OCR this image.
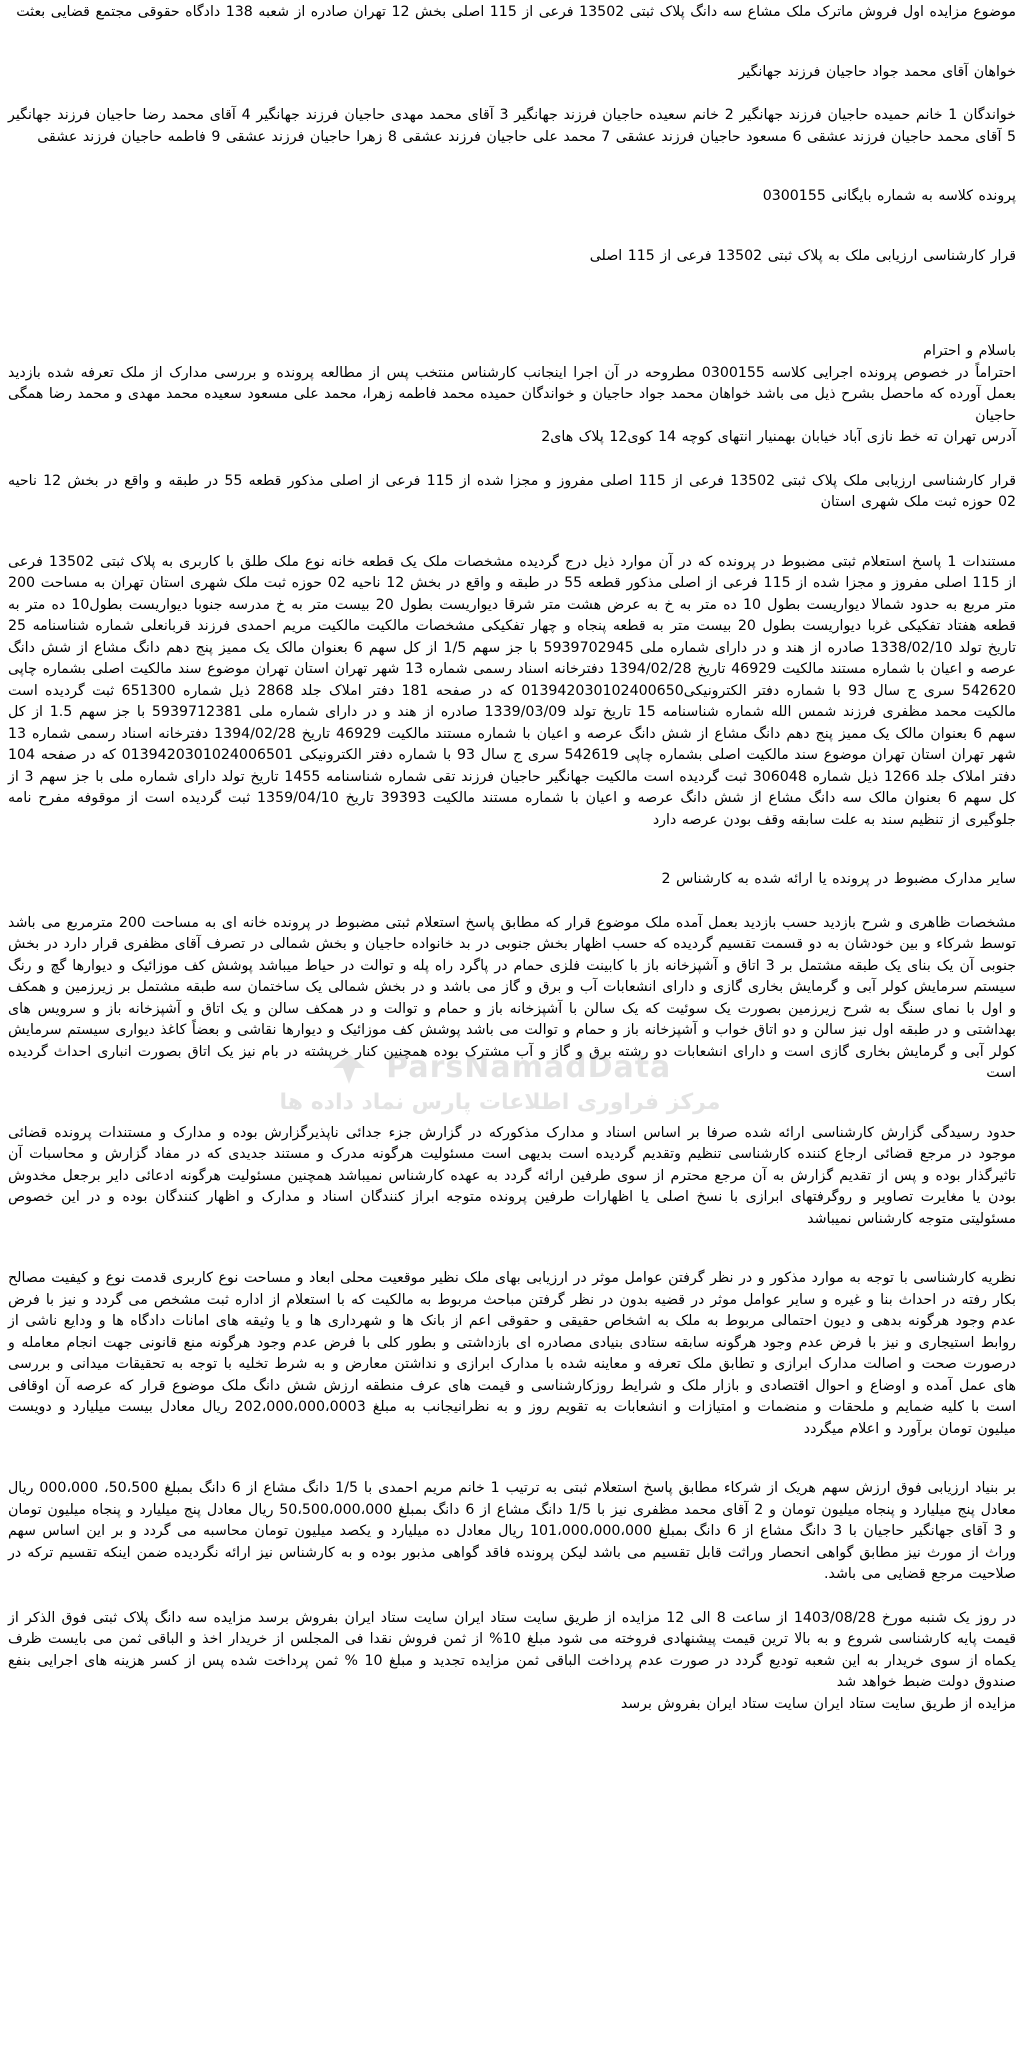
موضوع مزایده اول فروش ماترک ملک مشاع سه دانگ پلاک ثبتی 13502 فرعی از 115 اصلی بخش 12 تهران صادره از شعبه 138 دادگاه حقوقی مجتمع قضایی بعثت

خواهان آقای محمد جواد حاجیان فرزند جهانگیر

خواندگان 1 خانم حمیده حاجیان فرزند جهانگیر 2 خانم سعیده حاجیان فرزند جهانگیر 3 آقای محمد مهدی حاجیان فرزند جهانگیر 4 آقای محمد رضا حاجیان فرزند جهانگیر 5 آقای محمد حاجیان فرزند عشقی 6 مسعود حاجیان فرزند عشقی 7 محمد علی حاجیان فرزند عشقی 8 زهرا حاجیان فرزند عشقی 9 فاطمه حاجیان فرزند عشقی

پرونده کلاسه به شماره بایگانی 0300155

قرار کارشناسی ارزیابی ملک به پلاک ثبتی 13502 فرعی از 115 اصلی

باسلام و احترام

احتراماً در خصوص پرونده اجرایی کلاسه 0300155 مطروحه در آن اجرا اینجانب کارشناس منتخب پس از مطالعه پرونده و بررسی مدارک از ملک تعرفه شده بازدید بعمل آورده که ماحصل بشرح ذیل می باشد خواهان محمد جواد حاجیان و خواندگان حمیده محمد فاطمه زهرا، محمد علی مسعود سعیده محمد مهدی و محمد رضا همگی حاجیان

آدرس تهران ته خط نازی آباد خیابان بهمنیار انتهای کوچه 14 کوی12 پلاک های2

قرار کارشناسی ارزیابی ملک پلاک ثبتی 13502 فرعی از 115 اصلی مفروز و مجزا شده از 115 فرعی از اصلی مذکور قطعه 55 در طبقه و واقع در بخش 12 ناحیه 02 حوزه ثبت ملک شهری استان

مستندات 1 پاسخ استعلام ثبتی مضبوط در پرونده که در آن موارد ذیل درج گردیده مشخصات ملک یک قطعه خانه نوع ملک طلق با کاربری به پلاک ثبتی 13502 فرعی از 115 اصلی مفروز و مجزا شده از 115 فرعی از اصلی مذکور قطعه 55 در طبقه و واقع در بخش 12 ناحیه 02 حوزه ثبت ملک شهری استان تهران به مساحت 200 متر مربع به حدود شمالا دیواریست بطول 10 ده متر به خ به عرض هشت متر شرقا دیواریست بطول 20 بیست متر به خ مدرسه جنوبا دیواریست بطول10 ده متر به قطعه هفتاد تفکیکی غربا دیواریست بطول 20 بیست متر به قطعه پنجاه و چهار تفکیکی مشخصات مالکیت مالکیت مریم احمدی فرزند قربانعلی شماره شناسنامه 25 تاریخ تولد 1338/02/10 صادره از هند و در دارای شماره ملی 5939702945 با جز سهم 1/5 از کل سهم 6 بعنوان مالک یک ممیز پنج دهم دانگ مشاع از شش دانگ عرصه و اعیان با شماره مستند مالکیت 46929 تاریخ 1394/02/28 دفترخانه اسناد رسمی شماره 13 شهر تهران استان تهران موضوع سند مالکیت اصلی بشماره چاپی 542620 سری ج سال 93 با شماره دفتر الکترونیکی013942030102400650 که در صفحه 181 دفتر املاک جلد 2868 ذیل شماره 651300 ثبت گردیده است مالکیت محمد مظفری فرزند شمس الله شماره شناسنامه 15 تاریخ تولد 1339/03/09 صادره از هند و در دارای شماره ملی 5939712381 با جز سهم 1.5 از کل سهم 6 بعنوان مالک یک ممیز پنج دهم دانگ مشاع از شش دانگ عرصه و اعیان با شماره مستند مالکیت 46929 تاریخ 1394/02/28 دفترخانه اسناد رسمی شماره 13 شهر تهران استان تهران موضوع سند مالکیت اصلی بشماره چاپی 542619 سری ج سال 93 با شماره دفتر الکترونیکی 0139420301024006501 که در صفحه 104 دفتر املاک جلد 1266 ذیل شماره 306048 ثبت گردیده است مالکیت جهانگیر حاجیان فرزند تقی شماره شناسنامه 1455 تاریخ تولد دارای شماره ملی با جز سهم 3 از کل سهم 6 بعنوان مالک سه دانگ مشاع از شش دانگ عرصه و اعیان با شماره مستند مالکیت 39393 تاریخ 1359/04/10 ثبت گردیده است از موقوفه مفرح نامه جلوگیری از تنظیم سند به علت سابقه وقف بودن عرصه دارد

سایر مدارک مضبوط در پرونده یا ارائه شده به کارشناس 2

مشخصات ظاهری و شرح بازدید حسب بازدید بعمل آمده ملک موضوع قرار که مطابق پاسخ استعلام ثبتی مضبوط در پرونده خانه ای به مساحت 200 مترمربع می باشد توسط شرکاء و بین خودشان به دو قسمت تقسیم گردیده که حسب اظهار بخش جنوبی در بد خانواده حاجیان و بخش شمالی در تصرف آقای مظفری قرار دارد در بخش جنوبی آن یک بنای یک طبقه مشتمل بر 3 اتاق و آشپزخانه باز با کابینت فلزی حمام در پاگرد راه پله و توالت در حیاط میباشد پوشش کف موزائیک و دیوارها گچ و رنگ سیستم سرمایش کولر آبی و گرمایش بخاری گازی و دارای انشعابات آب و برق و گاز می باشد و در بخش شمالی یک ساختمان سه طبقه مشتمل بر زیرزمین و همکف و اول با نمای سنگ به شرح زیرزمین بصورت یک سوئیت که یک سالن با آشپزخانه باز و حمام و توالت و در همکف سالن و یک اتاق و آشپزخانه باز و سرویس های بهداشتی و در طبقه اول نیز سالن و دو اتاق خواب و آشپزخانه باز و حمام و توالت می باشد پوشش کف موزائیک و دیوارها نقاشی و بعضاً کاغذ دیواری سیستم سرمایش کولر آبی و گرمایش بخاری گازی است و دارای انشعابات دو رشته برق و گاز و آب مشترک بوده همچنین کنار خرپشته در بام نیز یک اتاق بصورت انباری احداث گردیده است

حدود رسیدگی گزارش کارشناسی ارائه شده صرفا بر اساس اسناد و مدارک مذکورکه در گزارش جزء جدائی ناپذیرگزارش بوده و مدارک و مستندات پرونده قضائی موجود در مرجع قضائی ارجاع کننده کارشناسی تنظیم وتقدیم گردیده است بدیهی است مسئولیت هرگونه مدرک و مستند جدیدی که در مفاد گزارش و محاسبات آن تاثیرگذار بوده و پس از تقدیم گزارش به آن مرجع محترم از سوی طرفین ارائه گردد به عهده کارشناس نمیباشد همچنین مسئولیت هرگونه ادعائی دایر برجعل مخدوش بودن یا مغایرت تصاویر و روگرفتهای ابرازی با نسخ اصلی یا اظهارات طرفین پرونده متوجه ابراز کنندگان اسناد و مدارک و اظهار کنندگان بوده و در این خصوص مسئولیتی متوجه کارشناس نمیباشد

نظریه کارشناسی با توجه به موارد مذکور و در نظر گرفتن عوامل موثر در ارزیابی بهای ملک نظیر موقعیت محلی ابعاد و مساحت نوع کاربری قدمت نوع و کیفیت مصالح بکار رفته در احداث بنا و غیره و سایر عوامل موثر در قضیه بدون در نظر گرفتن مباحث مربوط به مالکیت که با استعلام از اداره ثبت مشخص می گردد و نیز با فرض عدم وجود هرگونه بدهی و دیون احتمالی مربوط به ملک به اشخاص حقیقی و حقوقی اعم از بانک ها و شهرداری ها و یا وثیقه های امانات دادگاه ها و ودایع ناشی از روابط استیجاری و نیز با فرض عدم وجود هرگونه سابقه ستادی بنیادی مصادره ای بازداشتی و بطور کلی با فرض عدم وجود هرگونه منع قانونی جهت انجام معامله و درصورت صحت و اصالت مدارک ابرازی و تطابق ملک تعرفه و معاینه شده با مدارک ابرازی و نداشتن معارض و به شرط تخلیه با توجه به تحقیقات میدانی و بررسی های عمل آمده و اوضاع و احوال اقتصادی و بازار ملک و شرایط روزکارشناسی و قیمت های عرف منطقه ارزش شش دانگ ملک موضوع قرار که عرصه آن اوقافی است با کلیه ضمایم و ملحقات و منضمات و امتیازات و انشعابات به تقویم روز و به نظرانیجانب به مبلغ 202،000،000،0003 ریال معادل بیست میلیارد و دویست میلیون تومان برآورد و اعلام میگردد

بر بنیاد ارزیابی فوق ارزش سهم هریک از شرکاء مطابق پاسخ استعلام ثبتی به ترتیب 1 خانم مریم احمدی با 1/5 دانگ مشاع از 6 دانگ بمبلغ 50،500، 000،000 ریال معادل پنج میلیارد و پنجاه میلیون تومان و 2 آقای محمد مظفری نیز با 1/5 دانگ مشاع از 6 دانگ بمبلغ 50،500،000،000 ریال معادل پنج میلیارد و پنجاه میلیون تومان و 3 آقای جهانگیر حاجیان با 3 دانگ مشاع از 6 دانگ بمبلغ 101،000،000،000 ریال معادل ده میلیارد و یکصد میلیون تومان محاسبه می گردد و بر این اساس سهم وراث از مورث نیز مطابق گواهی انحصار وراثت قابل تقسیم می باشد لیکن پرونده فاقد گواهی مذبور بوده و به کارشناس نیز ارائه نگردیده ضمن اینکه تقسیم ترکه در صلاحیت مرجع قضایی می باشد.

در روز یک شنبه مورخ 1403/08/28 از ساعت 8 الی 12 مزایده از طریق سایت ستاد ایران سایت ستاد ایران بفروش برسد مزایده سه دانگ پلاک ثبتی فوق الذکر از قیمت پایه کارشناسی شروع و به بالا ترین قیمت پیشنهادی فروخته می شود مبلغ 10% از ثمن فروش نقدا فی المجلس از خریدار اخذ و الباقی ثمن می بایست ظرف یکماه از سوی خریدار به این شعبه تودیع گردد در صورت عدم پرداخت الباقی ثمن مزایده تجدید و مبلغ 10 % ثمن پرداخت شده پس از کسر هزینه های اجرایی بنفع صندوق دولت ضبط خواهد شد

مزایده از طریق سایت ستاد ایران سایت ستاد ایران بفروش برسد

ParsNamadData
مرکز فراوری اطلاعات پارس نماد داده ها
